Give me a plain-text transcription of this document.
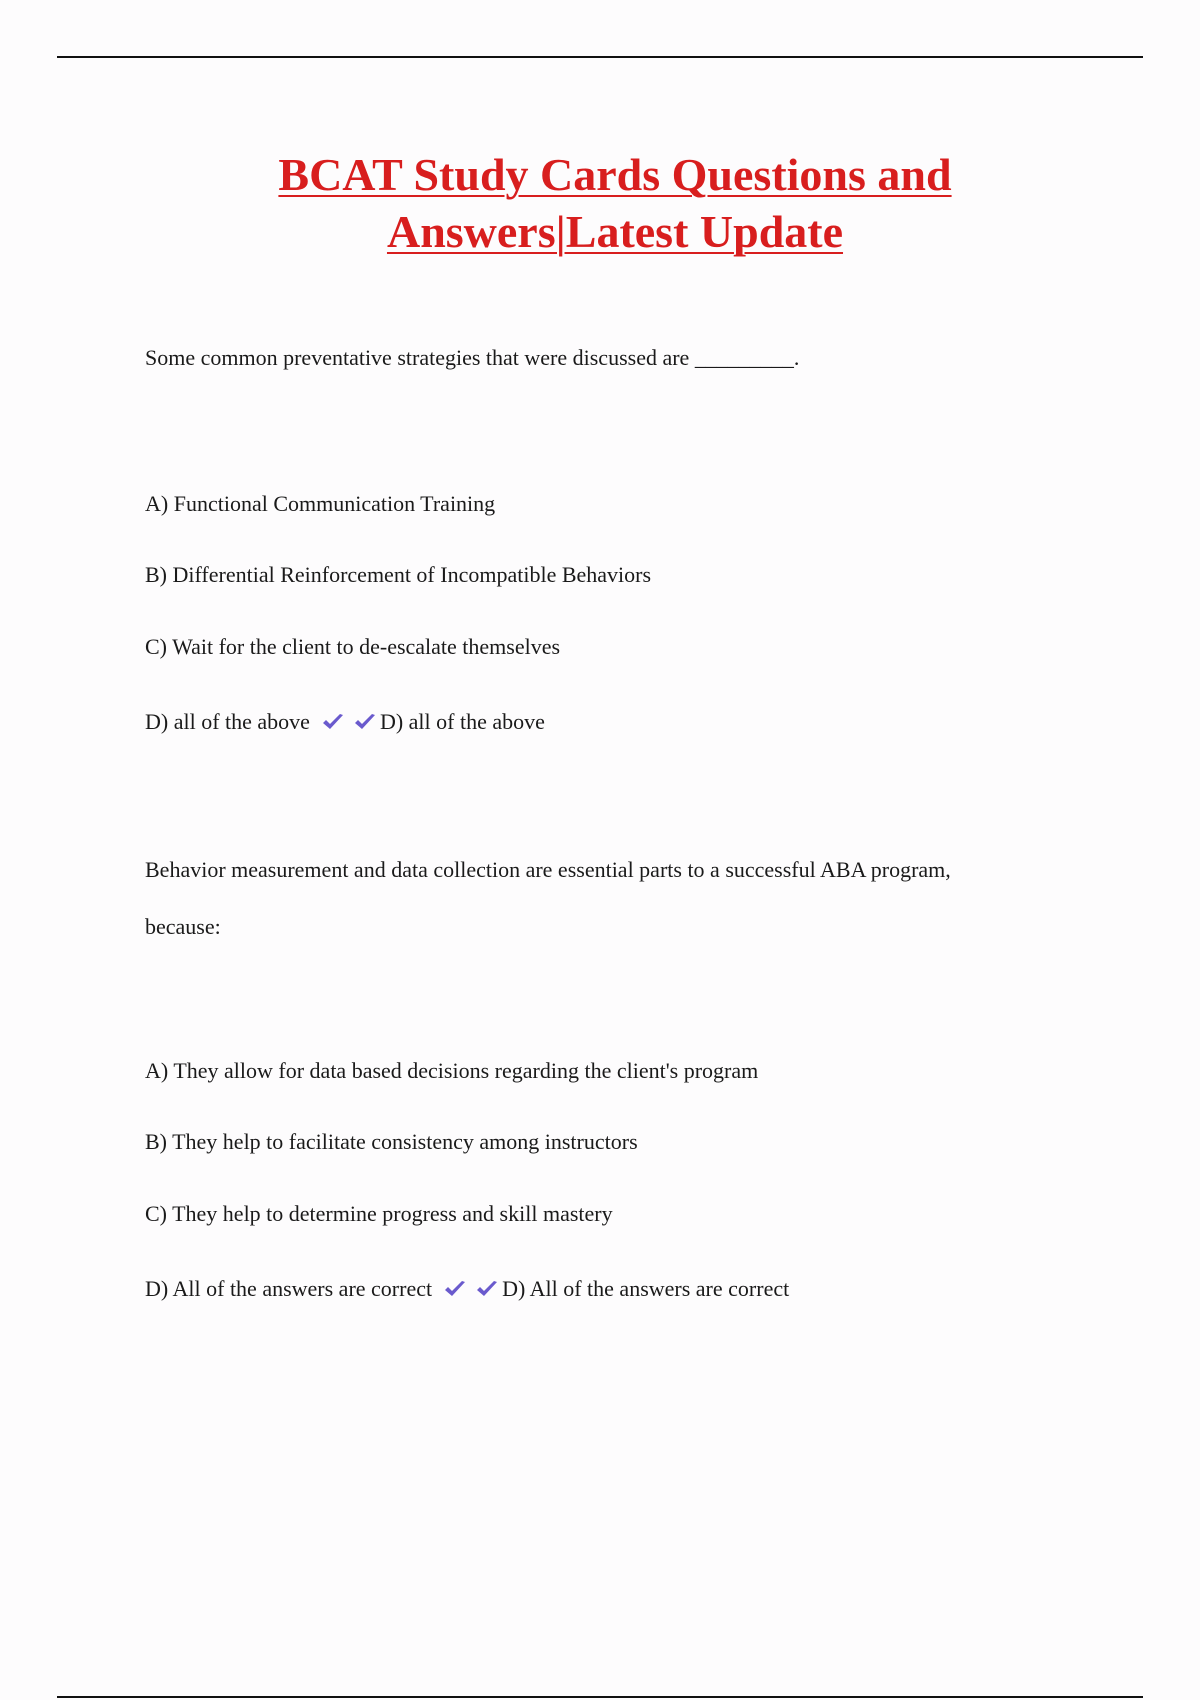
BCAT Study Cards Questions and
Answers|Latest Update
Some common preventative strategies that were discussed are _________.
A) Functional Communication Training
B) Differential Reinforcement of Incompatible Behaviors
C) Wait for the client to de-escalate themselves
D) all of the above	D) all of the above
Behavior measurement and data collection are essential parts to a successful ABA program,
because:
A) They allow for data based decisions regarding the client's program
B) They help to facilitate consistency among instructors
C) They help to determine progress and skill mastery
D) All of the answers are correct	D) All of the answers are correct
